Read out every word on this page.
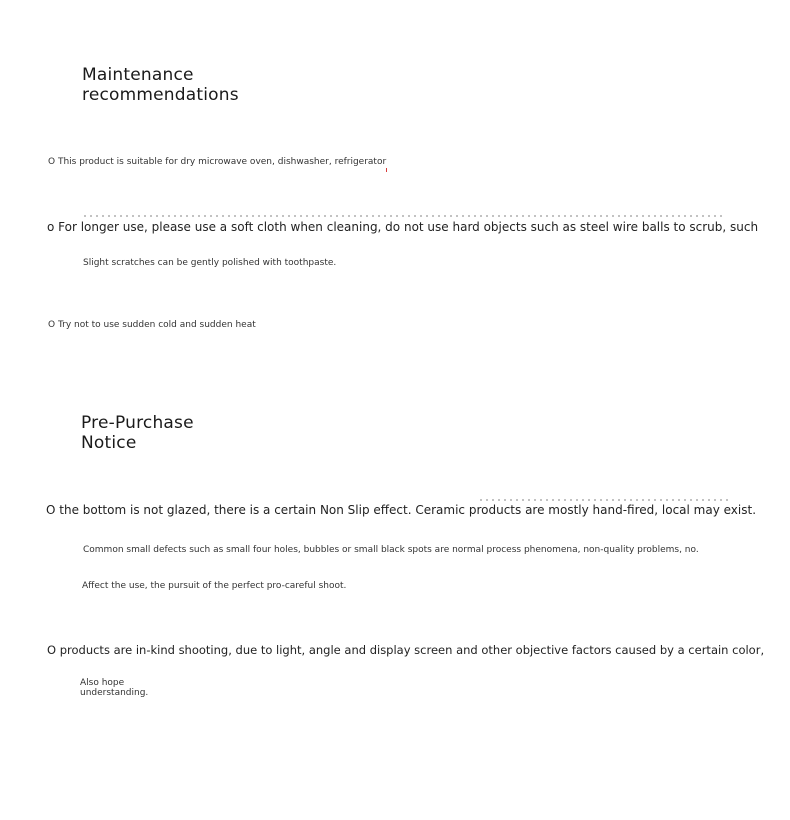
Maintenance
recommendations
O This product is suitable for dry microwave oven, dishwasher, refrigerator
o For longer use, please use a soft cloth when cleaning, do not use hard objects such as steel wire balls to scrub, such
Slight scratches can be gently polished with toothpaste.
O Try not to use sudden cold and sudden heat
Pre-Purchase
Notice
O the bottom is not glazed, there is a certain Non Slip effect. Ceramic products are mostly hand-fired, local may exist.
Common small defects such as small four holes, bubbles or small black spots are normal process phenomena, non-quality problems, no.
Affect the use, the pursuit of the perfect pro-careful shoot.
O products are in-kind shooting, due to light, angle and display screen and other objective factors caused by a certain color,
Also hope
understanding.
